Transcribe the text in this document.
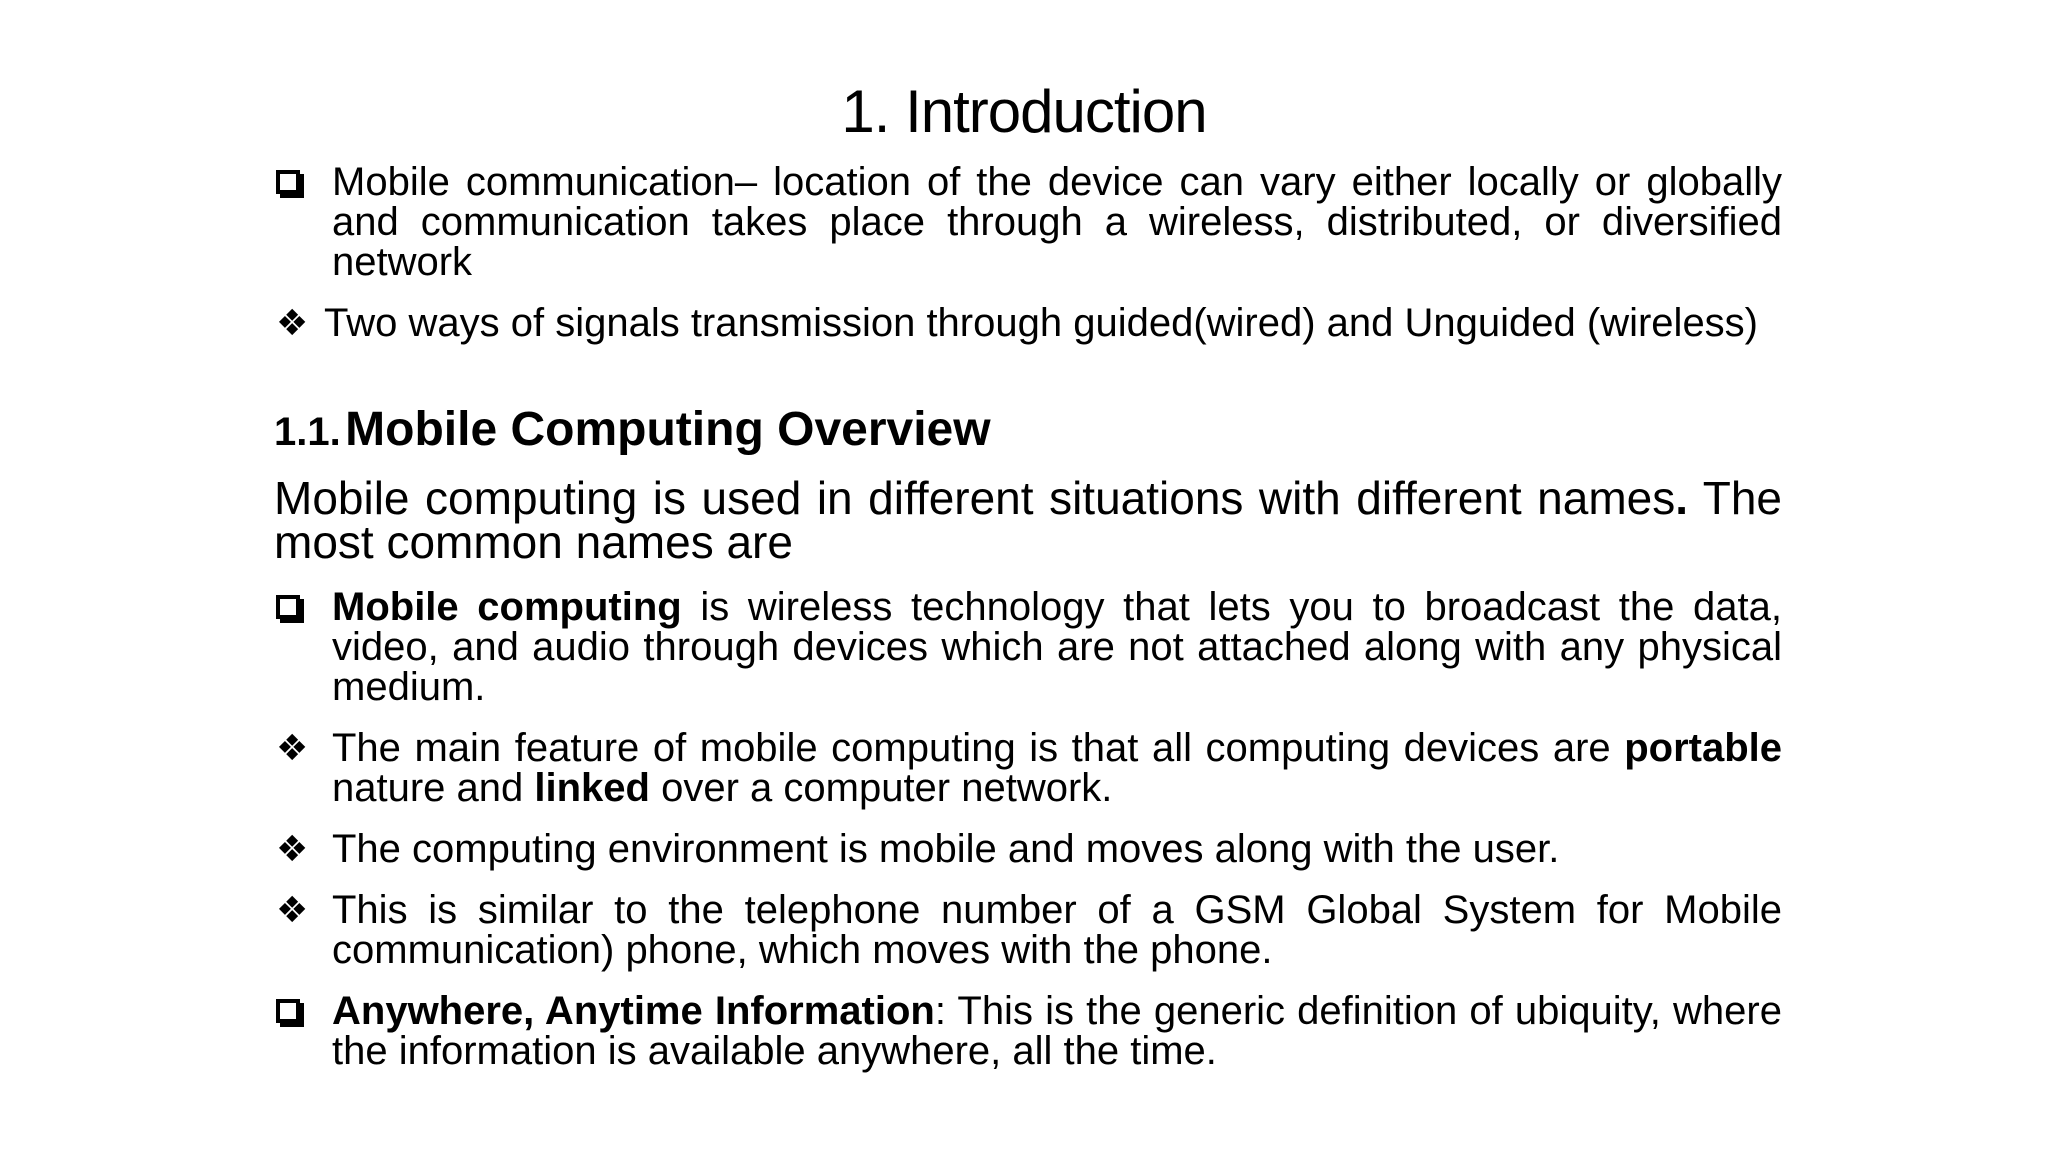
1. Introduction
Mobile communication– location of the device can vary either locally or globally and communication takes place through a wireless, distributed, or diversified network
❖ Two ways of signals transmission through guided(wired) and Unguided (wireless)
1.1. Mobile Computing Overview
Mobile computing is used in different situations with different names. The most common names are
Mobile computing is wireless technology that lets you to broadcast the data, video, and audio through devices which are not attached along with any physical medium.
❖ The main feature of mobile computing is that all computing devices are portable nature and linked over a computer network.
❖ The computing environment is mobile and moves along with the user.
❖ This is similar to the telephone number of a GSM Global System for Mobile communication) phone, which moves with the phone.
Anywhere, Anytime Information: This is the generic definition of ubiquity, where the information is available anywhere, all the time.
